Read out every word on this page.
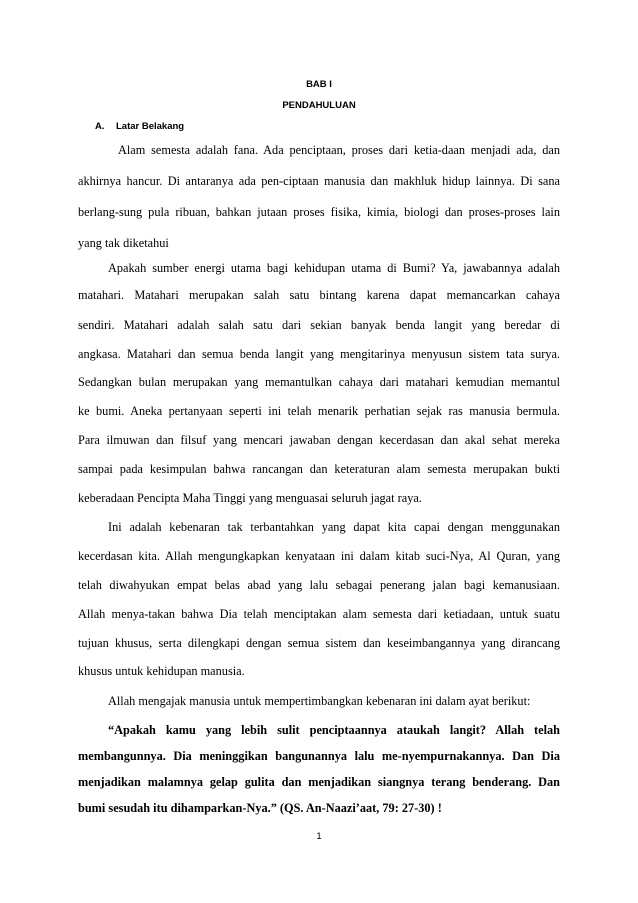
BAB I
PENDAHULUAN
A. Latar Belakang
Alam semesta adalah fana. Ada penciptaan, proses dari ketia-daan menjadi ada, dan
akhirnya hancur. Di antaranya ada pen-ciptaan manusia dan makhluk hidup lainnya. Di sana
berlang-sung pula ribuan, bahkan jutaan proses fisika, kimia, biologi dan proses-proses lain
yang tak diketahui
Apakah sumber energi utama bagi kehidupan utama di Bumi? Ya, jawabannya adalah
matahari. Matahari merupakan salah satu bintang karena dapat memancarkan cahaya
sendiri. Matahari adalah salah satu dari sekian banyak benda langit yang beredar di
angkasa. Matahari dan semua benda langit yang mengitarinya menyusun sistem tata surya.
Sedangkan bulan merupakan yang memantulkan cahaya dari matahari kemudian memantul
ke bumi. Aneka pertanyaan seperti ini telah menarik perhatian sejak ras manusia bermula.
Para ilmuwan dan filsuf yang mencari jawaban dengan kecerdasan dan akal sehat mereka
sampai pada kesimpulan bahwa rancangan dan keteraturan alam semesta merupakan bukti
keberadaan Pencipta Maha Tinggi yang menguasai seluruh jagat raya.
Ini adalah kebenaran tak terbantahkan yang dapat kita capai dengan menggunakan
kecerdasan kita. Allah mengungkapkan kenyataan ini dalam kitab suci-Nya, Al Quran, yang
telah diwahyukan empat belas abad yang lalu sebagai penerang jalan bagi kemanusiaan.
Allah menya-takan bahwa Dia telah menciptakan alam semesta dari ketiadaan, untuk suatu
tujuan khusus, serta dilengkapi dengan semua sistem dan keseimbangannya yang dirancang
khusus untuk kehidupan manusia.
Allah mengajak manusia untuk mempertimbangkan kebenaran ini dalam ayat berikut:
“Apakah kamu yang lebih sulit penciptaannya ataukah langit? Allah telah
membangunnya. Dia meninggikan bangunannya lalu me-nyempurnakannya. Dan Dia
menjadikan malamnya gelap gulita dan menjadikan siangnya terang benderang. Dan
bumi sesudah itu dihamparkan-Nya.” (QS. An-Naazi’aat, 79: 27-30) !
1
